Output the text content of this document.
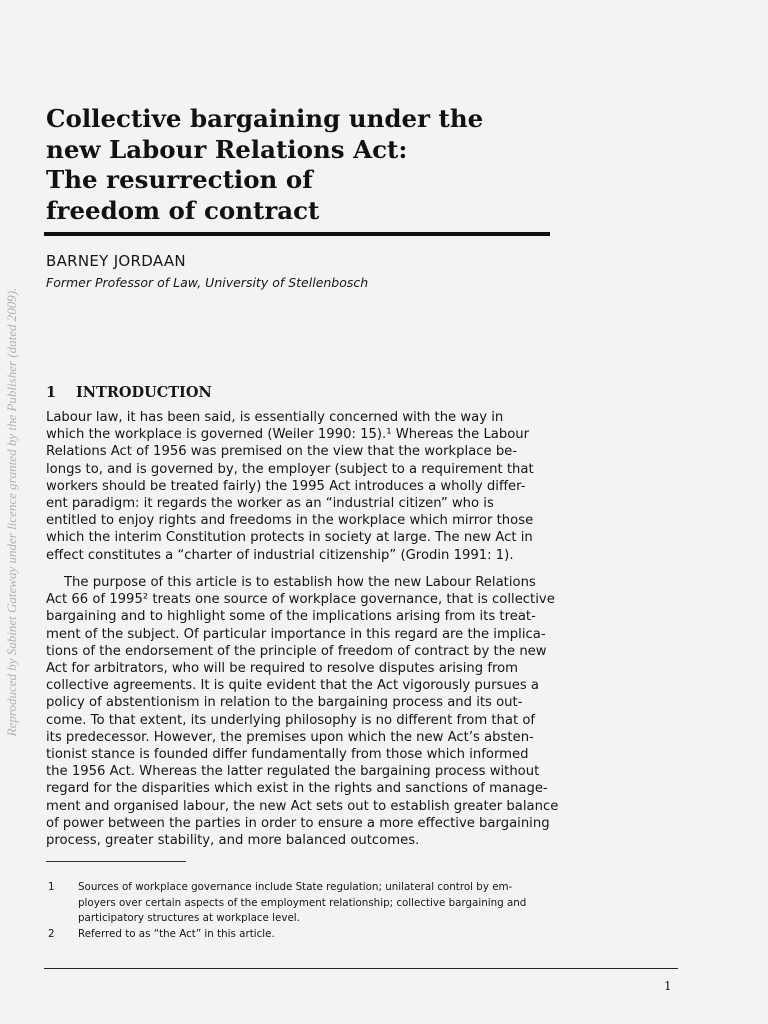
Reproduced by Sabinet Gateway under licence granted by the Publisher (dated 2009).
Collective bargaining under the
new Labour Relations Act:
The resurrection of
freedom of contract

BARNEY JORDAAN

Former Professor of Law, University of Stellenbosch

1 INTRODUCTION

Labour law, it has been said, is essentially concerned with the way in
which the workplace is governed (Weiler 1990: 15).¹ Whereas the Labour
Relations Act of 1956 was premised on the view that the workplace be-
longs to, and is governed by, the employer (subject to a requirement that
workers should be treated fairly) the 1995 Act introduces a wholly differ-
ent paradigm: it regards the worker as an “industrial citizen” who is
entitled to enjoy rights and freedoms in the workplace which mirror those
which the interim Constitution protects in society at large. The new Act in
effect constitutes a “charter of industrial citizenship” (Grodin 1991: 1).

The purpose of this article is to establish how the new Labour Relations
Act 66 of 1995² treats one source of workplace governance, that is collective
bargaining and to highlight some of the implications arising from its treat-
ment of the subject. Of particular importance in this regard are the implica-
tions of the endorsement of the principle of freedom of contract by the new
Act for arbitrators, who will be required to resolve disputes arising from
collective agreements. It is quite evident that the Act vigorously pursues a
policy of abstentionism in relation to the bargaining process and its out-
come. To that extent, its underlying philosophy is no different from that of
its predecessor. However, the premises upon which the new Act’s absten-
tionist stance is founded differ fundamentally from those which informed
the 1956 Act. Whereas the latter regulated the bargaining process without
regard for the disparities which exist in the rights and sanctions of manage-
ment and organised labour, the new Act sets out to establish greater balance
of power between the parties in order to ensure a more effective bargaining
process, greater stability, and more balanced outcomes.

1	Sources of workplace governance include State regulation; unilateral control by em-
ployers over certain aspects of the employment relationship; collective bargaining and
participatory structures at workplace level.
2	Referred to as “the Act” in this article.

1
